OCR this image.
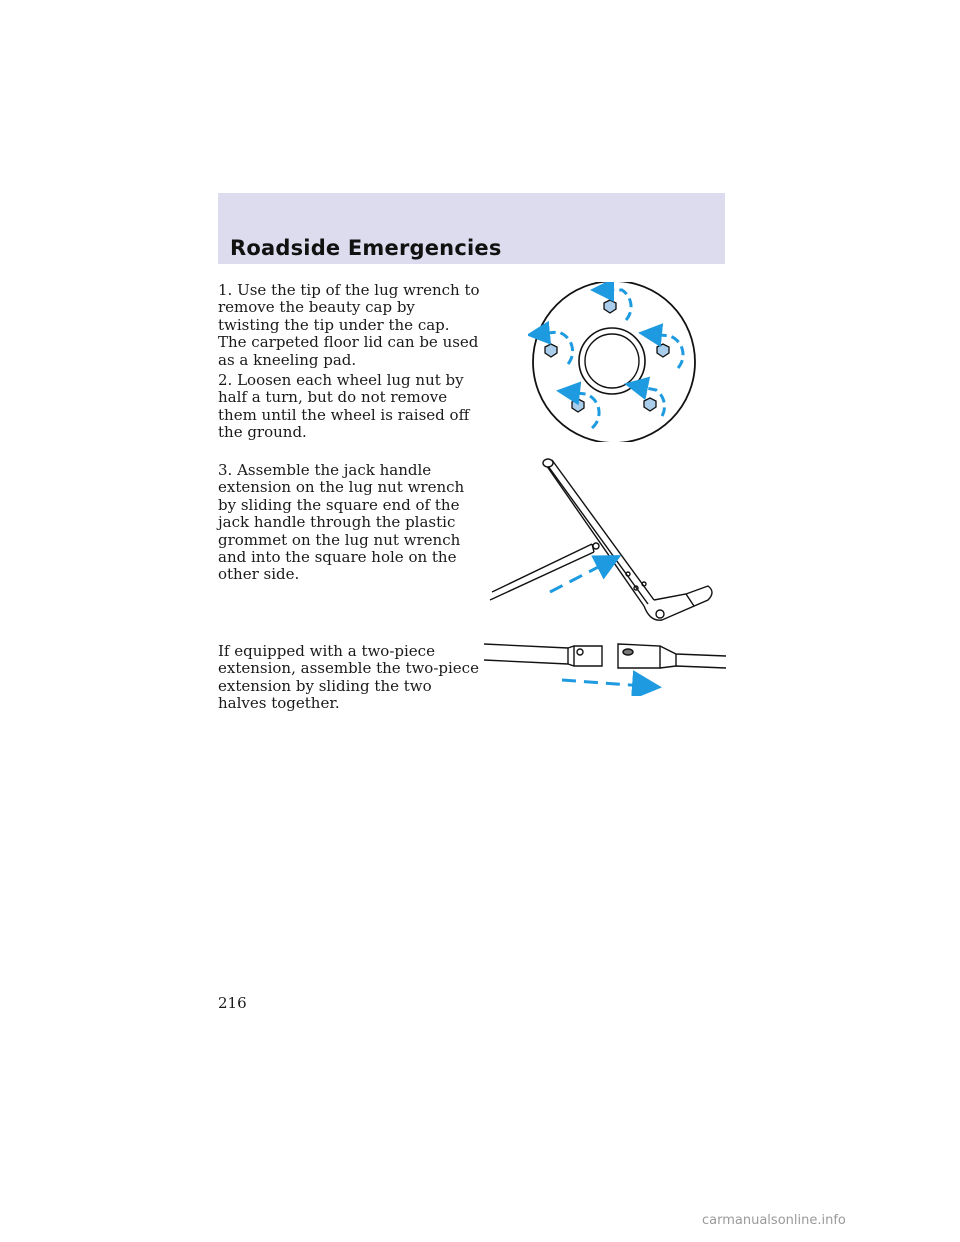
Roadside Emergencies

1. Use the tip of the lug wrench to remove the beauty cap by twisting the tip under the cap. The carpeted floor lid can be used as a kneeling pad.

2. Loosen each wheel lug nut by half a turn, but do not remove them until the wheel is raised off the ground.

3. Assemble the jack handle extension on the lug nut wrench by sliding the square end of the jack handle through the plastic grommet on the lug nut wrench and into the square hole on the other side.

If equipped with a two-piece extension, assemble the two-piece extension by sliding the two halves together.

216
carmanualsonline.info
